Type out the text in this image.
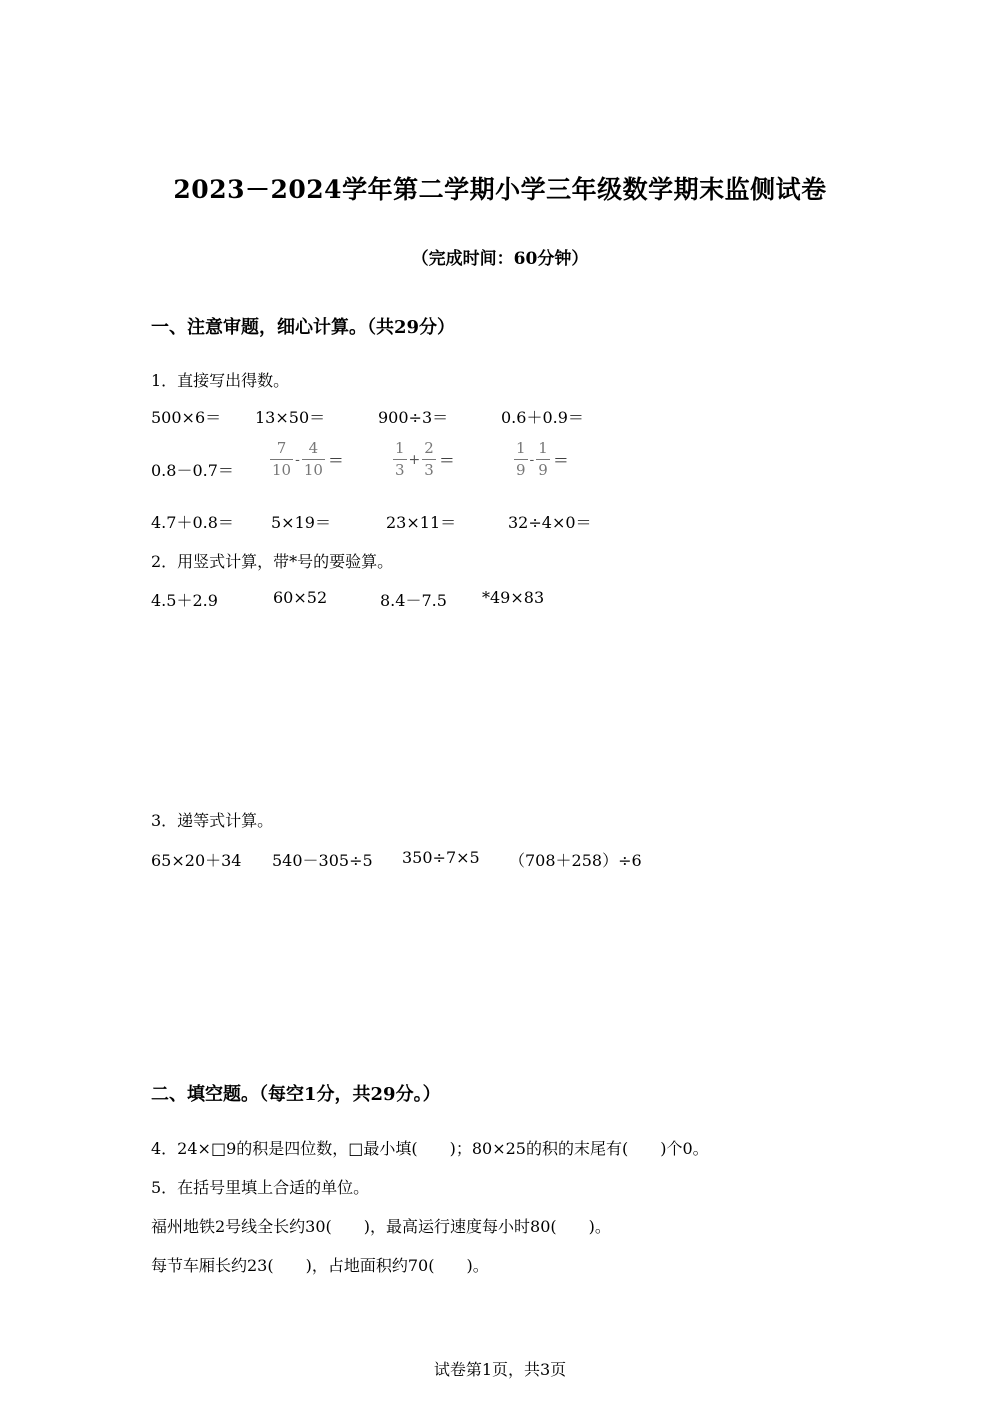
2023－2024学年第二学期小学三年级数学期末监侧试卷
（完成时间：60分钟）
一、注意审题，细心计算。（共29分）
1．直接写出得数。
500×6＝ 13×50＝	900÷3＝	0.6＋0.9＝
$0.8-0.7= \frac{7}{10} - \frac{4}{10}$ ＝	$\frac{1}{3} + \frac{2}{3}$ ＝	$\frac{1}{9} - \frac{1}{9}$ ＝
4.7＋0.8＝ 5×19＝	23×11＝	32÷4×0＝
2．用竖式计算，带*号的要验算。
4.5＋2.9	60×52	8.4－7.5 *49×83
3．递等式计算。
65×20＋34 540－305÷5 350÷7×5 （708＋258）÷6
二、填空题。（每空1分，共29分。）
4．24×□9的积是四位数，□最小填(　　)；80×25的积的末尾有(　　)个0。
5．在括号里填上合适的单位。
福州地铁2号线全长约30(　　)，最高运行速度每小时80(　　)。
每节车厢长约23(　　)，占地面积约70(　　)。
试卷第1页，共3页
